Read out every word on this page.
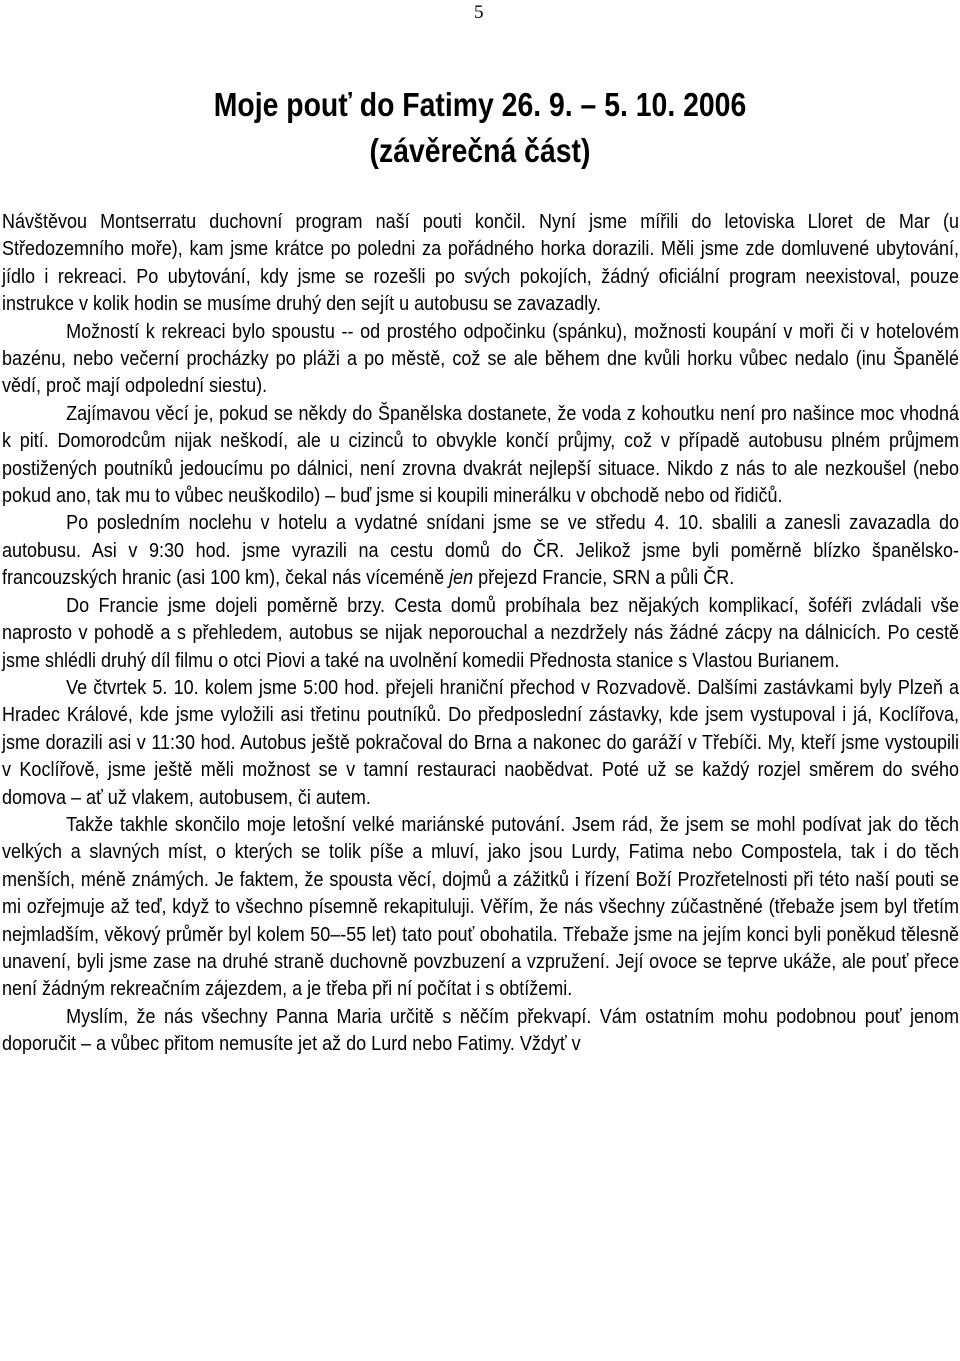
5
Moje pouť do Fatimy 26. 9. – 5. 10. 2006
(závěrečná část)

Návštěvou Montserratu duchovní program naší pouti končil. Nyní jsme mířili do letoviska Lloret de Mar (u Středozemního moře), kam jsme krátce po poledni za pořádného horka dorazili. Měli jsme zde domluvené ubytování, jídlo i rekreaci. Po ubytování, kdy jsme se rozešli po svých pokojích, žádný oficiální program neexistoval, pouze instrukce v kolik hodin se musíme druhý den sejít u autobusu se zavazadly.

Možností k rekreaci bylo spoustu -- od prostého odpočinku (spánku), možnosti koupání v moři či v hotelovém bazénu, nebo večerní procházky po pláži a po městě, což se ale během dne kvůli horku vůbec nedalo (inu Španělé vědí, proč mají odpolední siestu).

Zajímavou věcí je, pokud se někdy do Španělska dostanete, že voda z kohoutku není pro našince moc vhodná k pití. Domorodcům nijak neškodí, ale u cizinců to obvykle končí průjmy, což v případě autobusu plném průjmem postižených poutníků jedoucímu po dálnici, není zrovna dvakrát nejlepší situace. Nikdo z nás to ale nezkoušel (nebo pokud ano, tak mu to vůbec neuškodilo) – buď jsme si koupili minerálku v obchodě nebo od řidičů.

Po posledním noclehu v hotelu a vydatné snídani jsme se ve středu 4. 10. sbalili a zanesli zavazadla do autobusu. Asi v 9:30 hod. jsme vyrazili na cestu domů do ČR. Jelikož jsme byli poměrně blízko španělsko-francouzských hranic (asi 100 km), čekal nás víceméně jen přejezd Francie, SRN a půli ČR.

Do Francie jsme dojeli poměrně brzy. Cesta domů probíhala bez nějakých komplikací, šoféři zvládali vše naprosto v pohodě a s přehledem, autobus se nijak neporouchal a nezdržely nás žádné zácpy na dálnicích. Po cestě jsme shlédli druhý díl filmu o otci Piovi a také na uvolnění komedii Přednosta stanice s Vlastou Burianem.

Ve čtvrtek 5. 10. kolem jsme 5:00 hod. přejeli hraniční přechod v Rozvadově. Dalšími zastávkami byly Plzeň a Hradec Králové, kde jsme vyložili asi třetinu poutníků. Do předposlední zástavky, kde jsem vystupoval i já, Koclířova, jsme dorazili asi v 11:30 hod. Autobus ještě pokračoval do Brna a nakonec do garáží v Třebíči. My, kteří jsme vystoupili v Koclířově, jsme ještě měli možnost se v tamní restauraci naobědvat. Poté už se každý rozjel směrem do svého domova – ať už vlakem, autobusem, či autem.

Takže takhle skončilo moje letošní velké mariánské putování. Jsem rád, že jsem se mohl podívat jak do těch velkých a slavných míst, o kterých se tolik píše a mluví, jako jsou Lurdy, Fatima nebo Compostela, tak i do těch menších, méně známých. Je faktem, že spousta věcí, dojmů a zážitků i řízení Boží Prozřetelnosti při této naší pouti se mi ozřejmuje až teď, když to všechno písemně rekapituluji. Věřím, že nás všechny zúčastněné (třebaže jsem byl třetím nejmladším, věkový průměr byl kolem 50–-55 let) tato pouť obohatila. Třebaže jsme na jejím konci byli poněkud tělesně unavení, byli jsme zase na druhé straně duchovně povzbuzení a vzpružení. Její ovoce se teprve ukáže, ale pouť přece není žádným rekreačním zájezdem, a je třeba při ní počítat i s obtížemi.

Myslím, že nás všechny Panna Maria určitě s něčím překvapí. Vám ostatním mohu podobnou pouť jenom doporučit – a vůbec přitom nemusíte jet až do Lurd nebo Fatimy. Vždyť v
